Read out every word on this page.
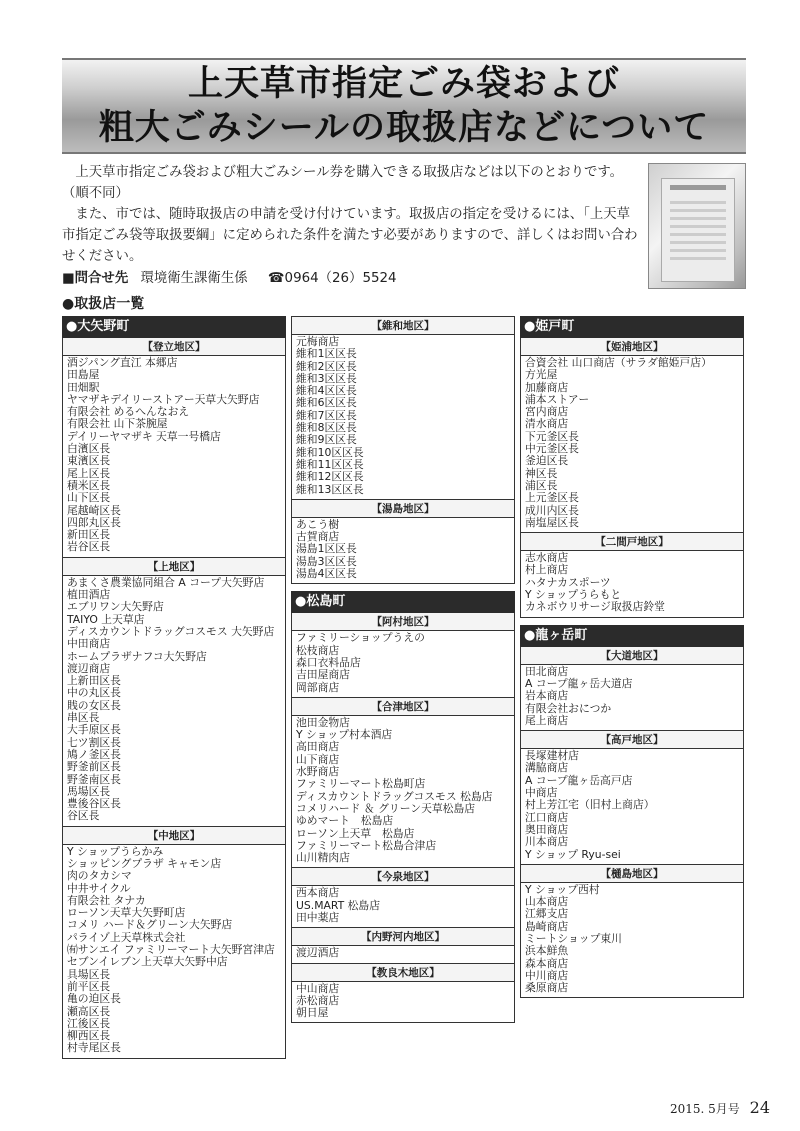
上天草市指定ごみ袋および
粗大ごみシールの取扱店などについて

上天草市指定ごみ袋および粗大ごみシール券を購入できる取扱店などは以下のとおりです。（順不同）

また、市では、随時取扱店の申請を受け付けています。取扱店の指定を受けるには、「上天草市指定ごみ袋等取扱要綱」に定められた条件を満たす必要がありますので、詳しくはお問い合わせください。

■問合せ先 環境衛生課衛生係 ☎0964（26）5524
●取扱店一覧
●大矢野町
【登立地区】
酒ジパング直江 本郷店
田島屋
田畑駅
ヤマザキデイリーストアー天草大矢野店
有限会社 めるへんなおえ
有限会社 山下茶腕屋
デイリーヤマザキ 天草一号橋店
白濱区長
東濱区長
尾上区長
積米区長
山下区長
尾越崎区長
四郎丸区長
新田区長
岩谷区長
【上地区】
あまくさ農業協同組合 A コープ大矢野店
植田酒店
エブリワン大矢野店
TAIYO 上天草店
ディスカウントドラッグコスモス 大矢野店
中田商店
ホームプラザナフコ大矢野店
渡辺商店
上新田区長
中の丸区長
賎の女区長
串区長
大手原区長
七ツ割区長
鳩ノ釜区長
野釜前区長
野釜南区長
馬場区長
豊後谷区長
谷区長
【中地区】
Y ショップうらかみ
ショッピングプラザ キャモン店
肉のタカシマ
中井サイクル
有限会社 タナカ
ローソン天草大矢野町店
コメリ ハード＆グリーン大矢野店
パライゾ上天草株式会社
㈲サンエイ ファミリーマート大矢野宮津店
セブンイレブン上天草大矢野中店
具場区長
前平区長
亀の迫区長
瀬高区長
江後区長
柳西区長
村寺尾区長
【維和地区】
元梅商店
維和1区区長
維和2区区長
維和3区区長
維和4区区長
維和6区区長
維和7区区長
維和8区区長
維和9区区長
維和10区区長
維和11区区長
維和12区区長
維和13区区長
【湯島地区】
あこう樹
古賀商店
湯島1区区長
湯島3区区長
湯島4区区長
●松島町
【阿村地区】
ファミリーショップうえの
松枝商店
森口衣料品店
吉田屋商店
岡部商店
【合津地区】
池田金物店
Y ショップ村本酒店
高田商店
山下商店
水野商店
ファミリーマート松島町店
ディスカウントドラッグコスモス 松島店
コメリハード ＆ グリーン天草松島店
ゆめマート　松島店
ローソン上天草　松島店
ファミリーマート松島合津店
山川精肉店
【今泉地区】
西本商店
US.MART 松島店
田中薬店
【内野河内地区】
渡辺酒店
【教良木地区】
中山商店
赤松商店
朝日屋
●姫戸町
【姫浦地区】
合資会社 山口商店（サラダ館姫戸店）
方光屋
加藤商店
浦本ストアー
宮内商店
清水商店
下元釜区長
中元釜区長
釜迫区長
神区長
浦区長
上元釜区長
成川内区長
南塩屋区長
【二間戸地区】
志水商店
村上商店
ハタナカスポーツ
Y ショップうらもと
カネボウリサージ取扱店鈴堂
●龍ヶ岳町
【大道地区】
田北商店
A コープ龍ヶ岳大道店
岩本商店
有限会社おにつか
尾上商店
【高戸地区】
長塚建材店
溝脇商店
A コープ龍ヶ岳高戸店
中商店
村上芳江宅（旧村上商店）
江口商店
奥田商店
川本商店
Y ショップ Ryu-sei
【樋島地区】
Y ショップ西村
山本商店
江郷支店
島崎商店
ミートショップ東川
浜本鮮魚
森本商店
中川商店
桑原商店
2015. 5月号 24
